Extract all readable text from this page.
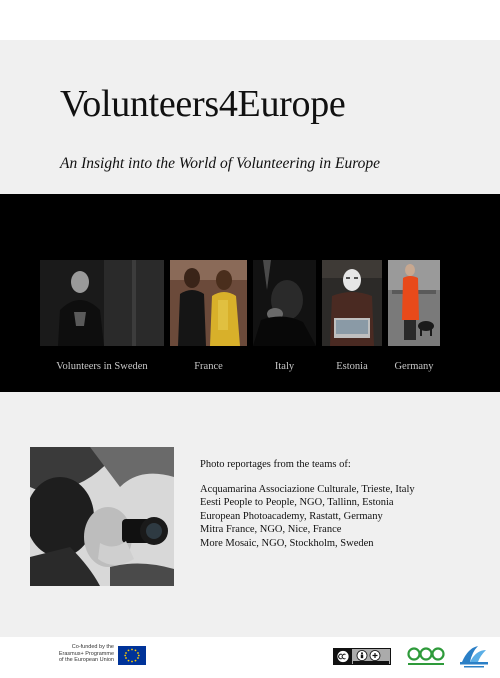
Volunteers4Europe
An Insight into the World of Volunteering in Europe
Volunteers in Sweden	France	Italy	Estonia	Germany
Photo reportages from the teams of:
Acquamarina Associazione Culturale, Trieste, Italy
Eesti People to People, NGO, Tallinn, Estonia
European Photoacademy, Rastatt, Germany
Mitra France, NGO, Nice, France
More Mosaic, NGO, Stockholm, Sweden
Co-funded by the
Erasmus+ Programme
of the European Union
